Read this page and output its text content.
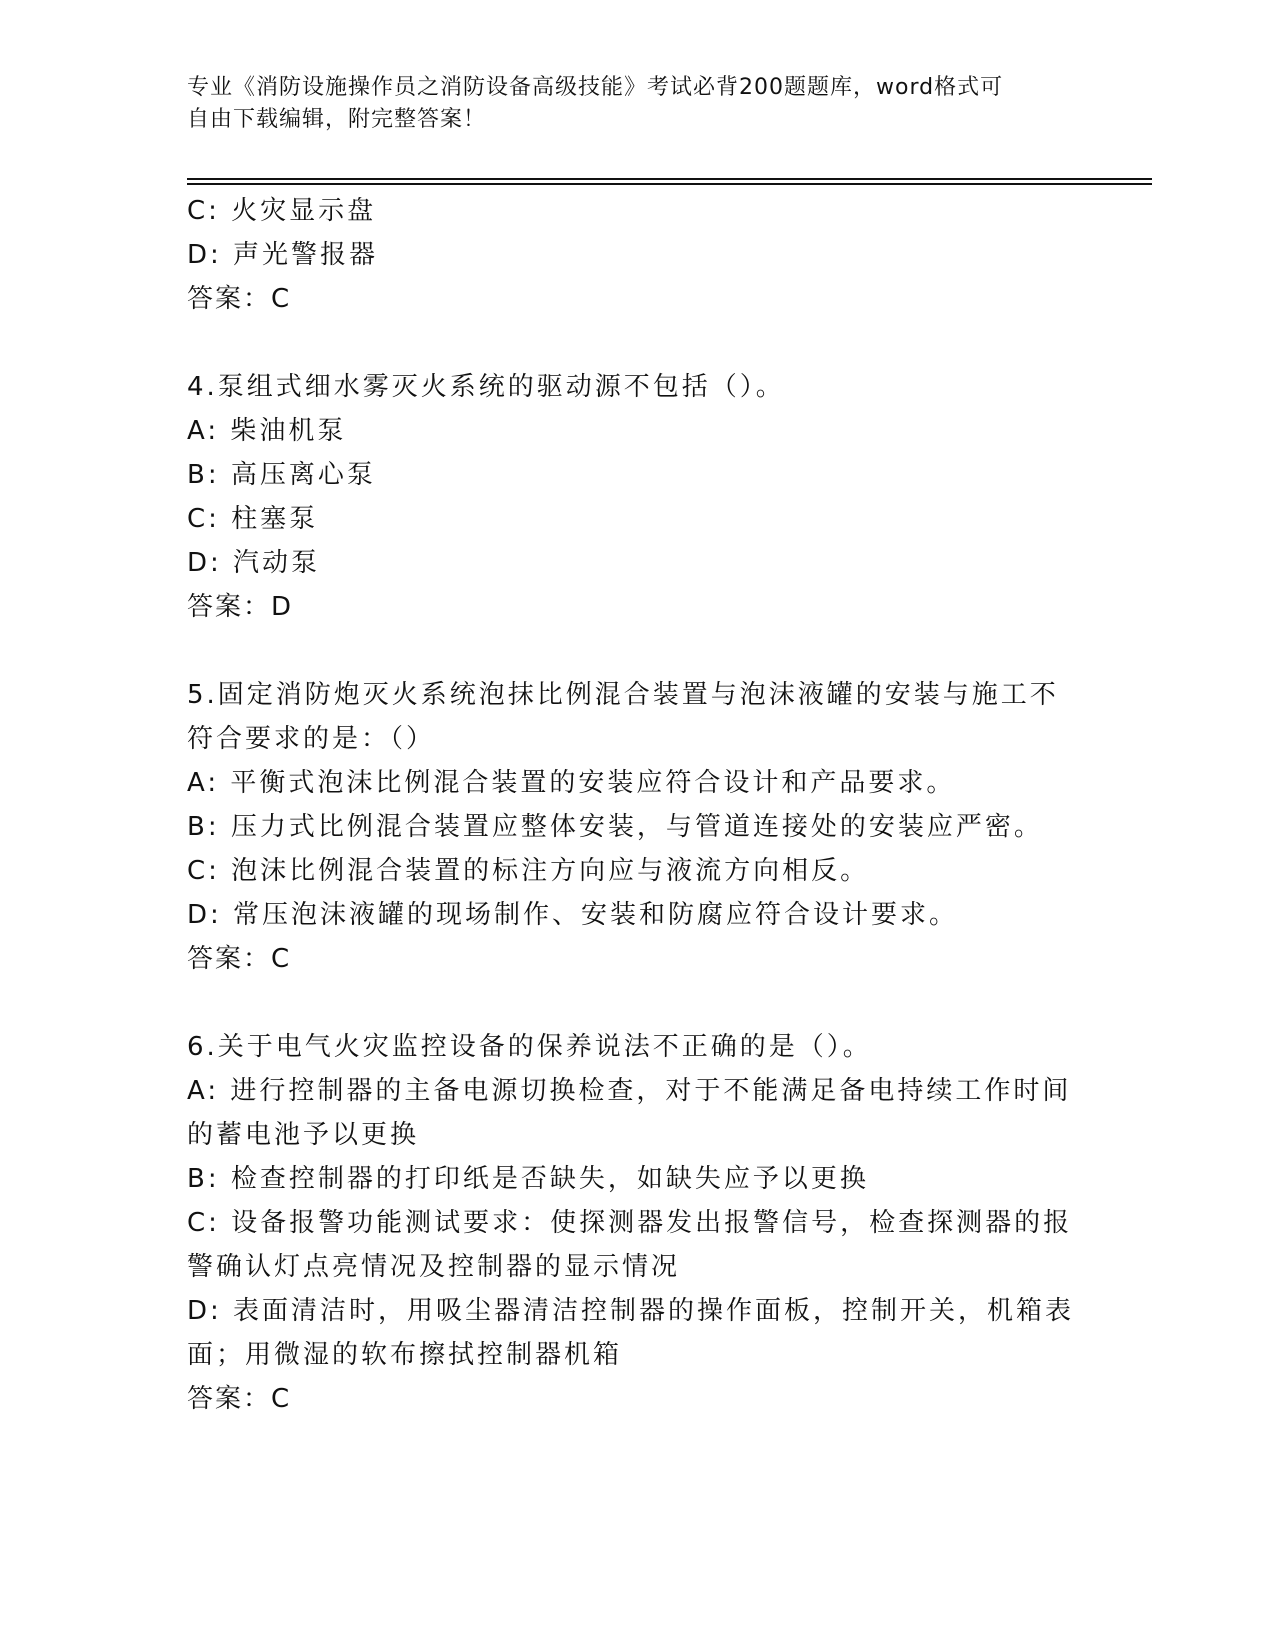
专业《消防设施操作员之消防设备高级技能》考试必背200题题库，word格式可
自由下载编辑，附完整答案！
C: 火灾显示盘
D: 声光警报器
答案：C
4.泵组式细水雾灭火系统的驱动源不包括（）。
A: 柴油机泵
B: 高压离心泵
C: 柱塞泵
D: 汽动泵
答案：D
5.固定消防炮灭火系统泡抹比例混合装置与泡沫液罐的安装与施工不
符合要求的是：（）
A: 平衡式泡沫比例混合装置的安装应符合设计和产品要求。
B: 压力式比例混合装置应整体安装，与管道连接处的安装应严密。
C: 泡沫比例混合装置的标注方向应与液流方向相反。
D: 常压泡沫液罐的现场制作、安装和防腐应符合设计要求。
答案：C
6.关于电气火灾监控设备的保养说法不正确的是（）。
A: 进行控制器的主备电源切换检查，对于不能满足备电持续工作时间
的蓄电池予以更换
B: 检查控制器的打印纸是否缺失，如缺失应予以更换
C: 设备报警功能测试要求：使探测器发出报警信号，检查探测器的报
警确认灯点亮情况及控制器的显示情况
D: 表面清洁时，用吸尘器清洁控制器的操作面板，控制开关，机箱表
面；用微湿的软布擦拭控制器机箱
答案：C
